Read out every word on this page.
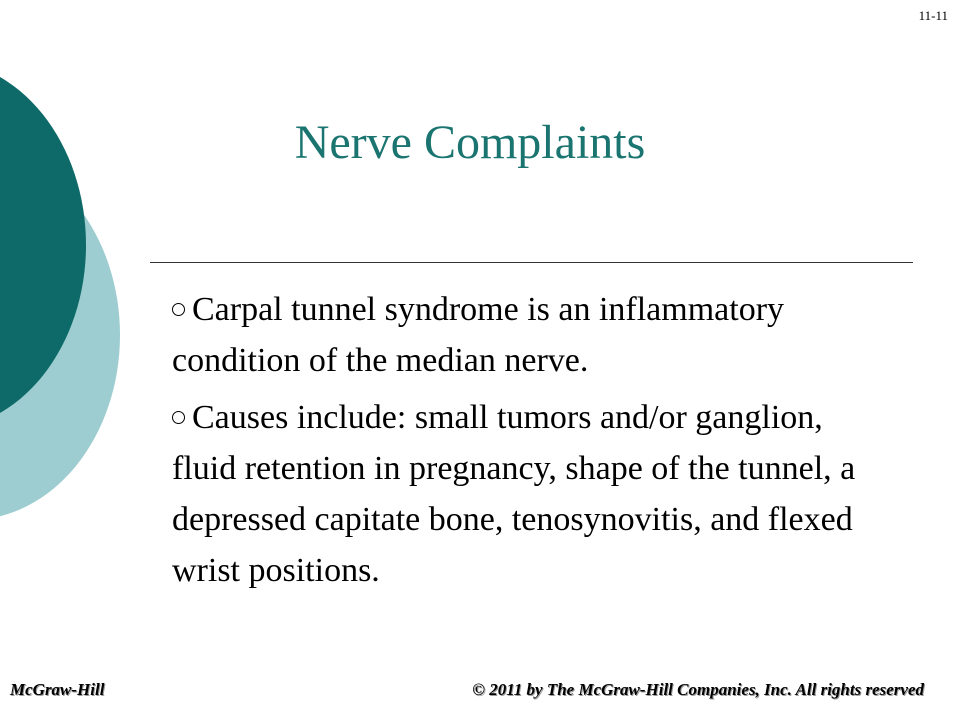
11-11
Nerve Complaints
Carpal tunnel syndrome is an inflammatory condition of the median nerve.
Causes include: small tumors and/or ganglion, fluid retention in pregnancy, shape of the tunnel, a depressed capitate bone, tenosynovitis, and flexed wrist positions.
McGraw-Hill	© 2011 by The McGraw-Hill Companies, Inc. All rights reserved
